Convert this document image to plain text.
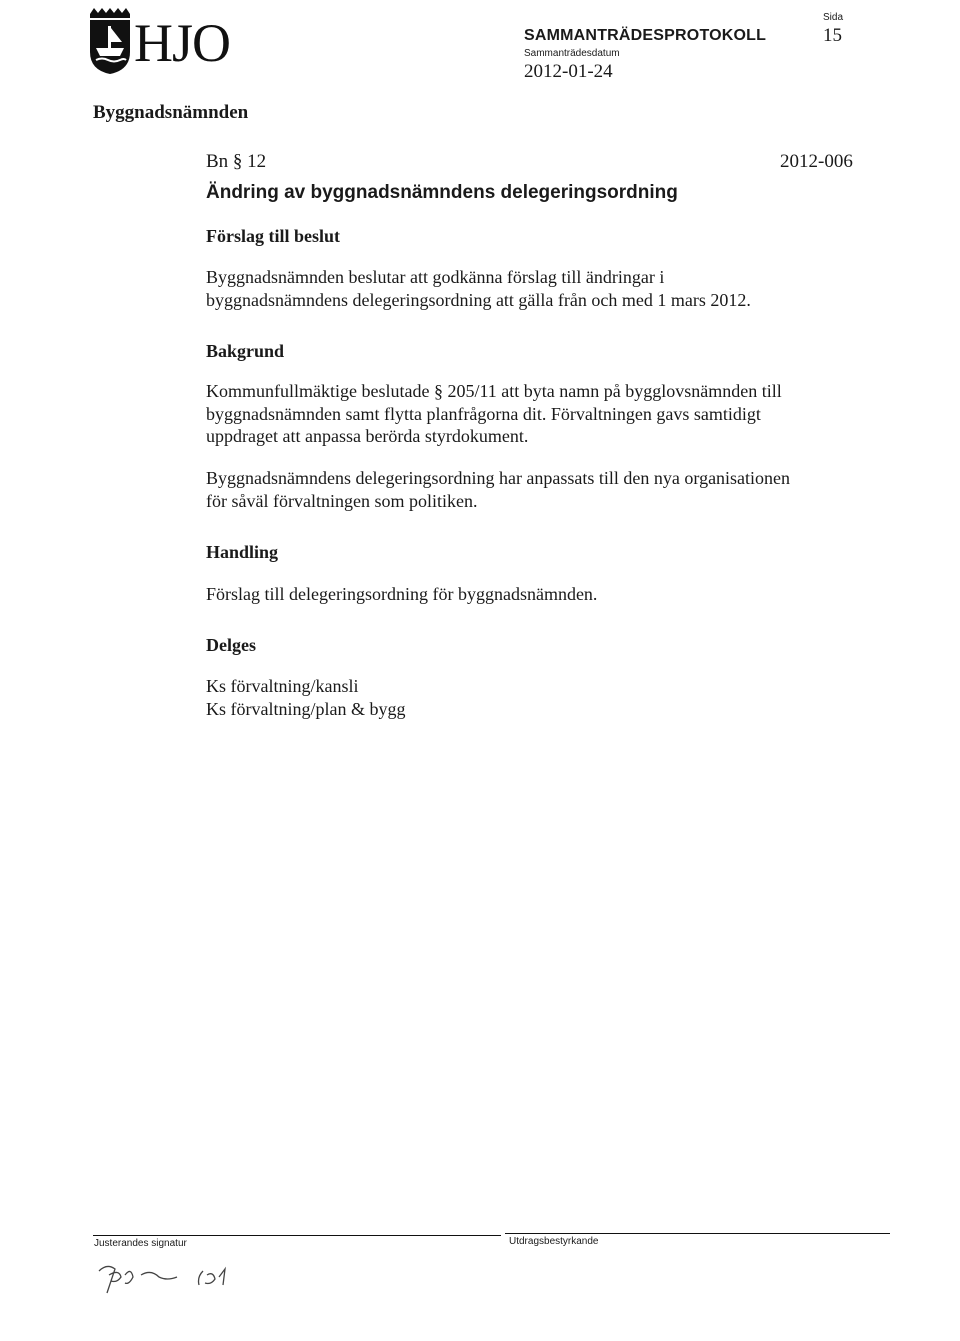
HJO	SAMMANTRÄDESPROTOKOLL
Sammanträdesdatum
2012-01-24
Sida
15
Byggnadsnämnden
Bn § 12	2012-006
Ändring av byggnadsnämndens delegeringsordning
Förslag till beslut
Byggnadsnämnden beslutar att godkänna förslag till ändringar i
byggnadsnämndens delegeringsordning att gälla från och med 1 mars 2012.
Bakgrund
Kommunfullmäktige beslutade § 205/11 att byta namn på bygglovsnämnden till
byggnadsnämnden samt flytta planfrågorna dit. Förvaltningen gavs samtidigt
uppdraget att anpassa berörda styrdokument.
Byggnadsnämndens delegeringsordning har anpassats till den nya organisationen
för såväl förvaltningen som politiken.
Handling
Förslag till delegeringsordning för byggnadsnämnden.
Delges
Ks förvaltning/kansli
Ks förvaltning/plan & bygg
Justerandes signatur	Utdragsbestyrkande
